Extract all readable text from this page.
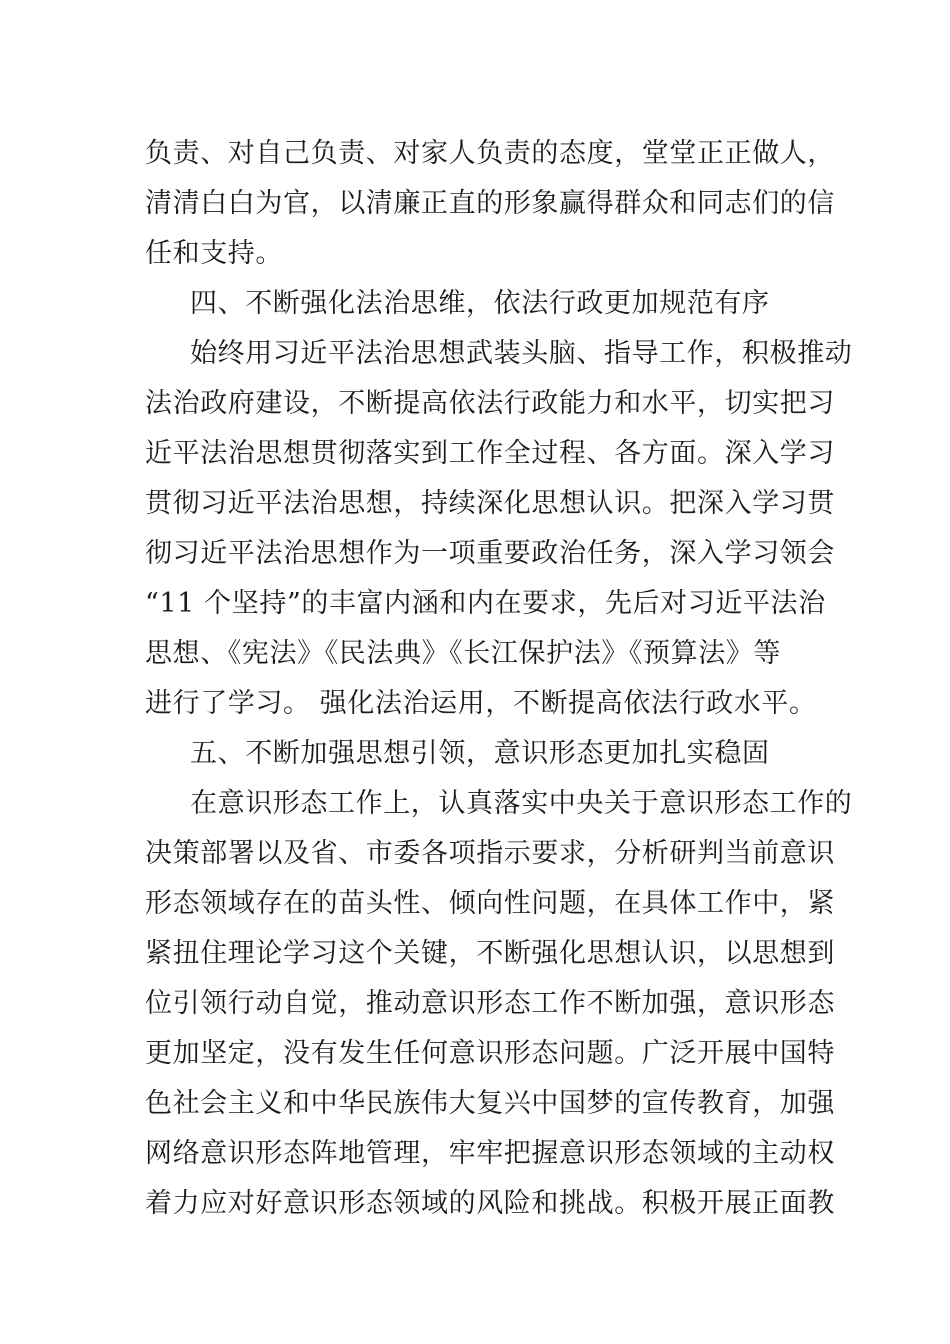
负责、对自己负责、对家人负责的态度，堂堂正正做人，
清清白白为官，以清廉正直的形象赢得群众和同志们的信
任和支持。
四、不断强化法治思维，依法行政更加规范有序
始终用习近平法治思想武装头脑、指导工作，积极推动
法治政府建设，不断提高依法行政能力和水平，切实把习
近平法治思想贯彻落实到工作全过程、各方面。深入学习
贯彻习近平法治思想，持续深化思想认识。把深入学习贯
彻习近平法治思想作为一项重要政治任务，深入学习领会
“11 个坚持”的丰富内涵和内在要求，先后对习近平法治
思想、《宪法》《民法典》《长江保护法》《预算法》等
进行了学习。 强化法治运用，不断提高依法行政水平。
五、不断加强思想引领，意识形态更加扎实稳固
在意识形态工作上，认真落实中央关于意识形态工作的
决策部署以及省、市委各项指示要求，分析研判当前意识
形态领域存在的苗头性、倾向性问题，在具体工作中，紧
紧扭住理论学习这个关键，不断强化思想认识，以思想到
位引领行动自觉，推动意识形态工作不断加强，意识形态
更加坚定，没有发生任何意识形态问题。广泛开展中国特
色社会主义和中华民族伟大复兴中国梦的宣传教育，加强
网络意识形态阵地管理，牢牢把握意识形态领域的主动权
着力应对好意识形态领域的风险和挑战。积极开展正面教
